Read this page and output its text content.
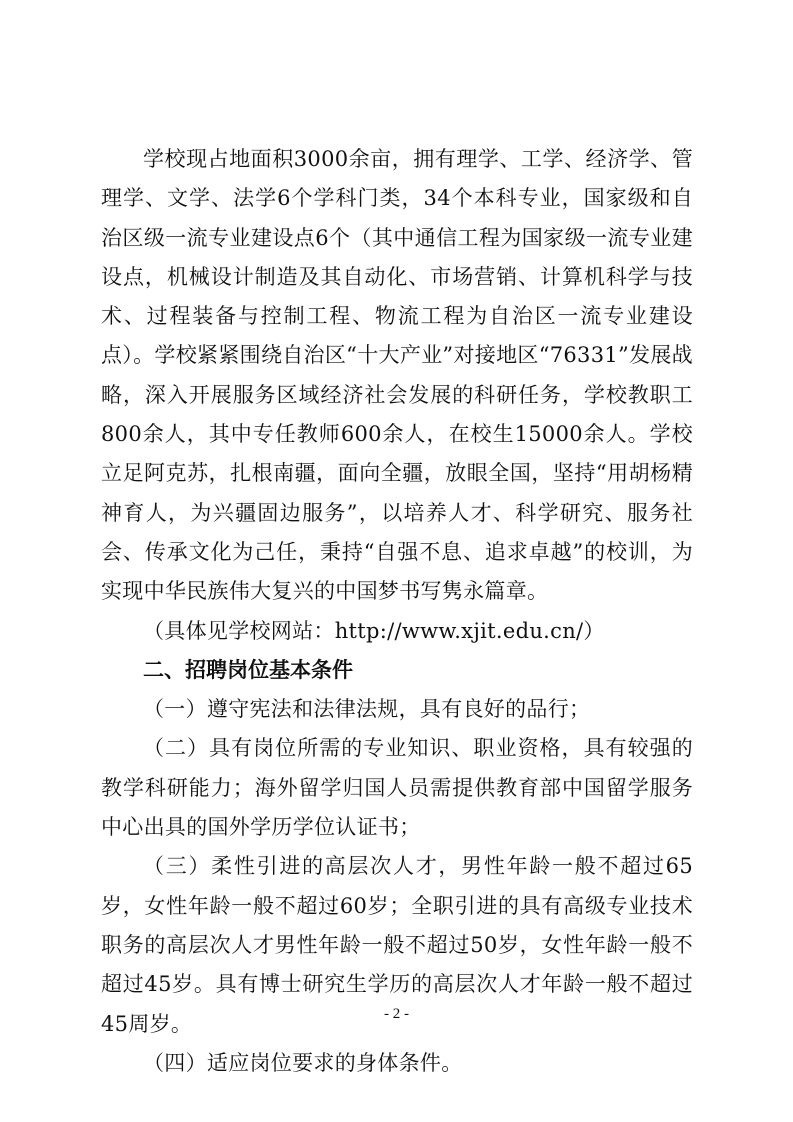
学校现占地面积3000余亩，拥有理学、工学、经济学、管理学、文学、法学6个学科门类，34个本科专业，国家级和自治区级一流专业建设点6个（其中通信工程为国家级一流专业建设点，机械设计制造及其自动化、市场营销、计算机科学与技术、过程装备与控制工程、物流工程为自治区一流专业建设点）。学校紧紧围绕自治区“十大产业”对接地区“76331”发展战略，深入开展服务区域经济社会发展的科研任务，学校教职工800余人，其中专任教师600余人，在校生15000余人。学校立足阿克苏，扎根南疆，面向全疆，放眼全国，坚持“用胡杨精神育人，为兴疆固边服务”，以培养人才、科学研究、服务社会、传承文化为己任，秉持“自强不息、追求卓越”的校训，为实现中华民族伟大复兴的中国梦书写隽永篇章。

（具体见学校网站：http://www.xjit.edu.cn/）

二、招聘岗位基本条件

（一）遵守宪法和法律法规，具有良好的品行；

（二）具有岗位所需的专业知识、职业资格，具有较强的教学科研能力；海外留学归国人员需提供教育部中国留学服务中心出具的国外学历学位认证书；

（三）柔性引进的高层次人才，男性年龄一般不超过65岁，女性年龄一般不超过60岁；全职引进的具有高级专业技术职务的高层次人才男性年龄一般不超过50岁，女性年龄一般不超过45岁。具有博士研究生学历的高层次人才年龄一般不超过45周岁。

（四）适应岗位要求的身体条件。

- 2 -
